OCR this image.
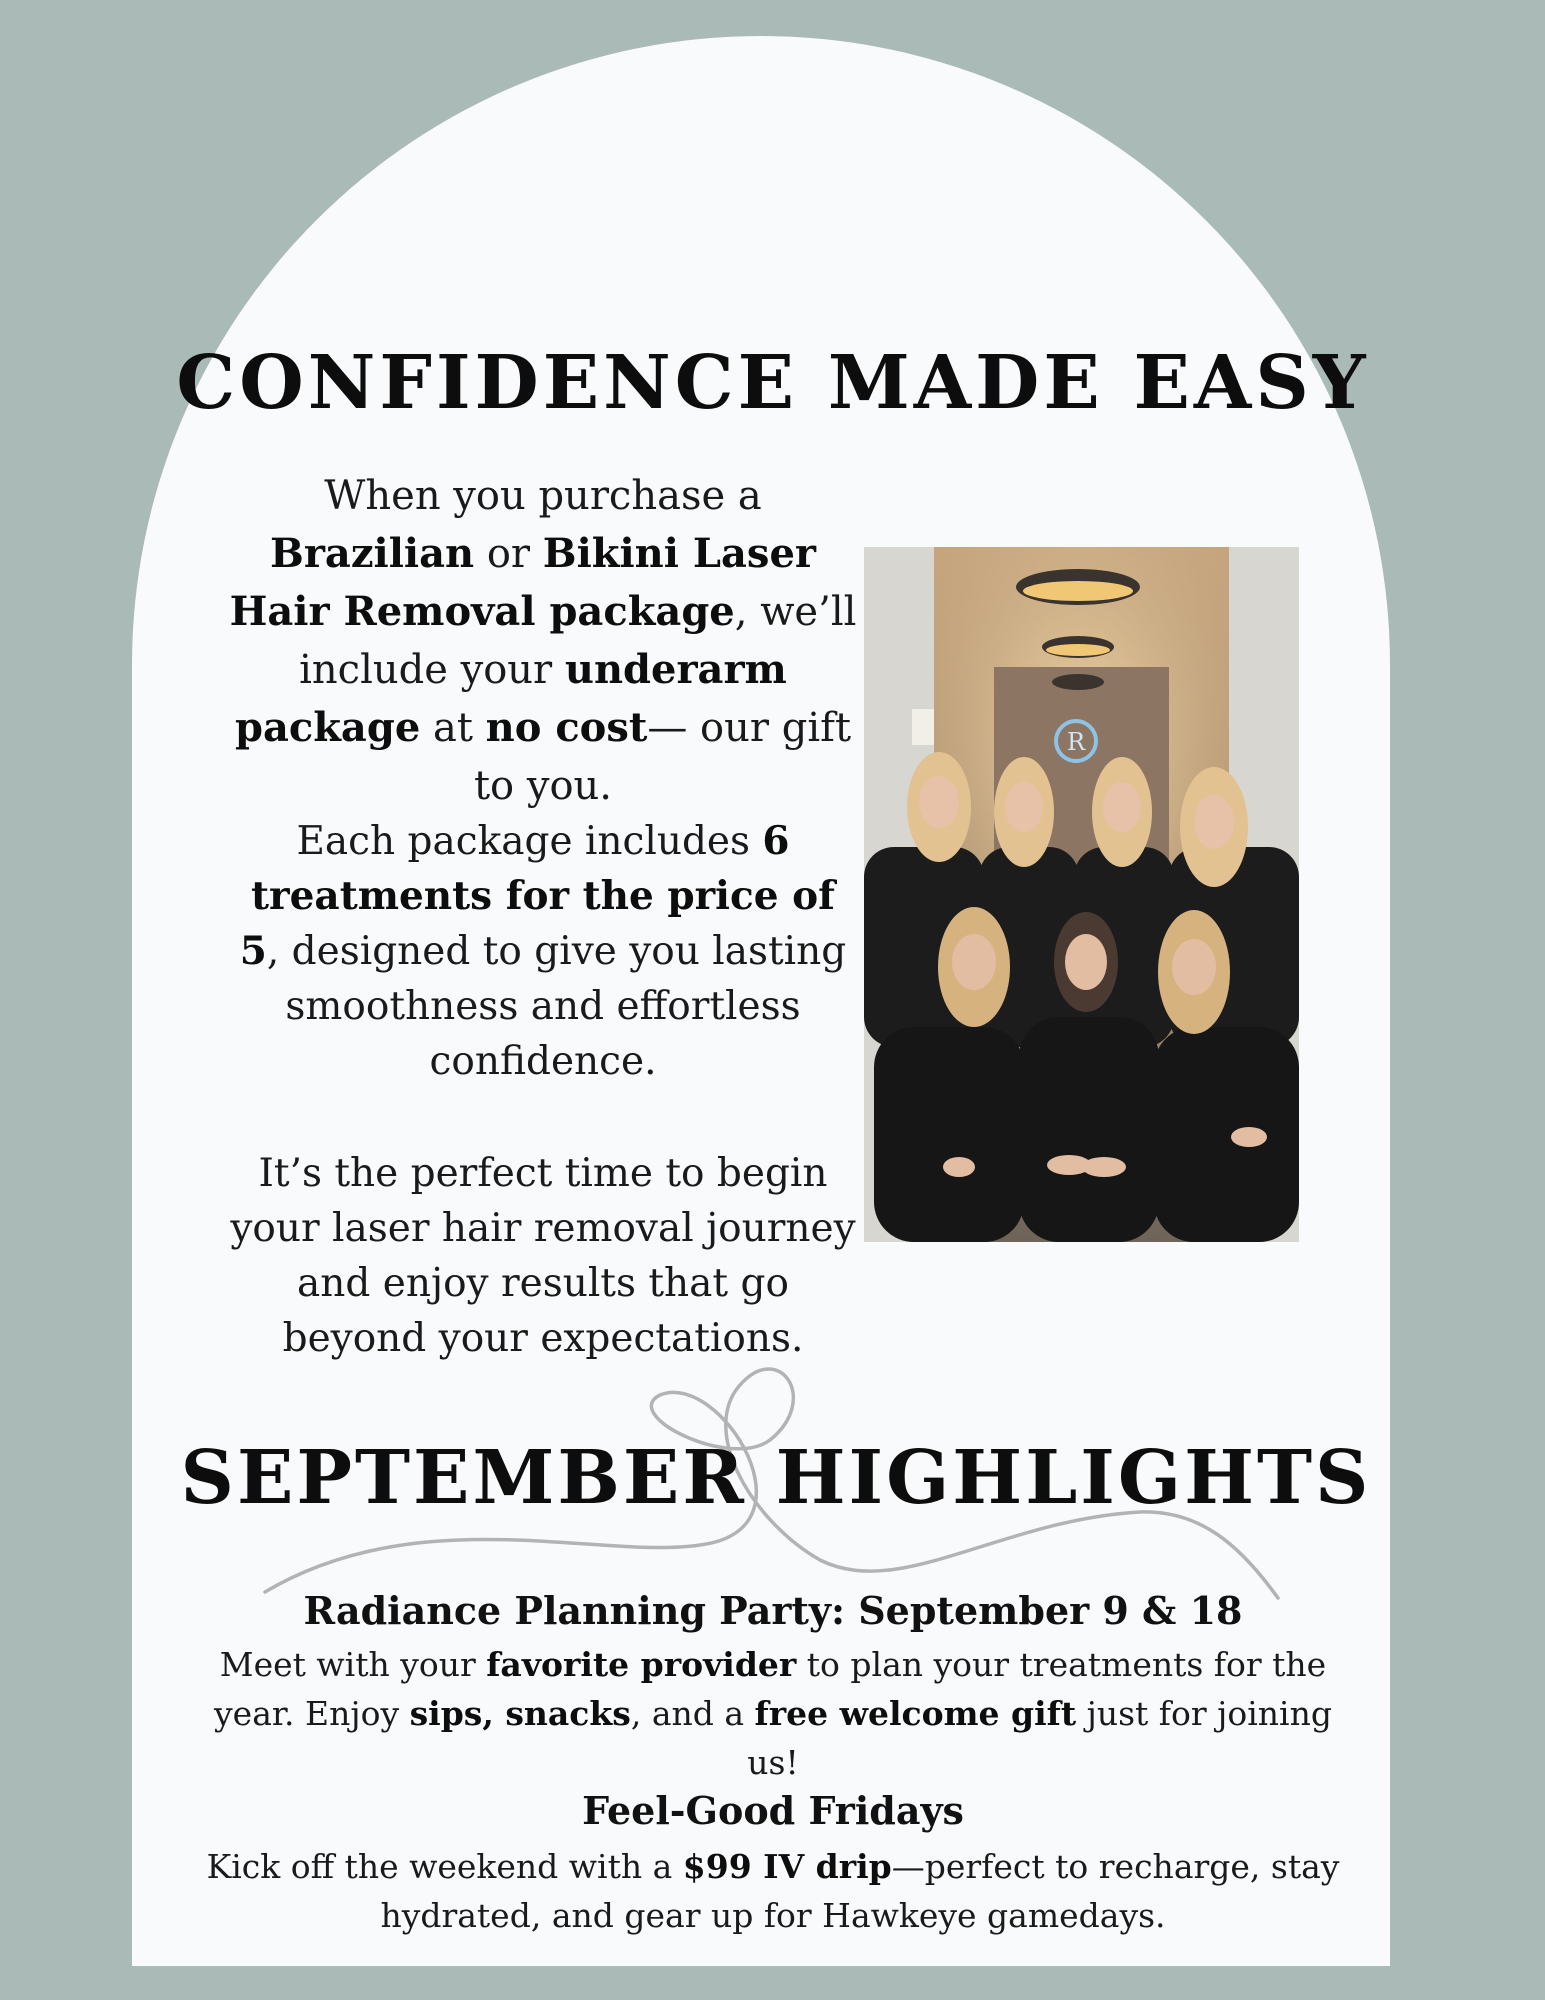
CONFIDENCE MADE EASY
When you purchase a Brazilian or Bikini Laser Hair Removal package, we’ll include your underarm package at no cost— our gift to you.
Each package includes 6 treatments for the price of 5, designed to give you lasting smoothness and effortless confidence.
It’s the perfect time to begin your laser hair removal journey and enjoy results that go beyond your expectations.
R
SEPTEMBER HIGHLIGHTS
Radiance Planning Party: September 9 & 18
Meet with your favorite provider to plan your treatments for the year. Enjoy sips, snacks, and a free welcome gift just for joining us!
Feel-Good Fridays
Kick off the weekend with a $99 IV drip—perfect to recharge, stay hydrated, and gear up for Hawkeye gamedays.
